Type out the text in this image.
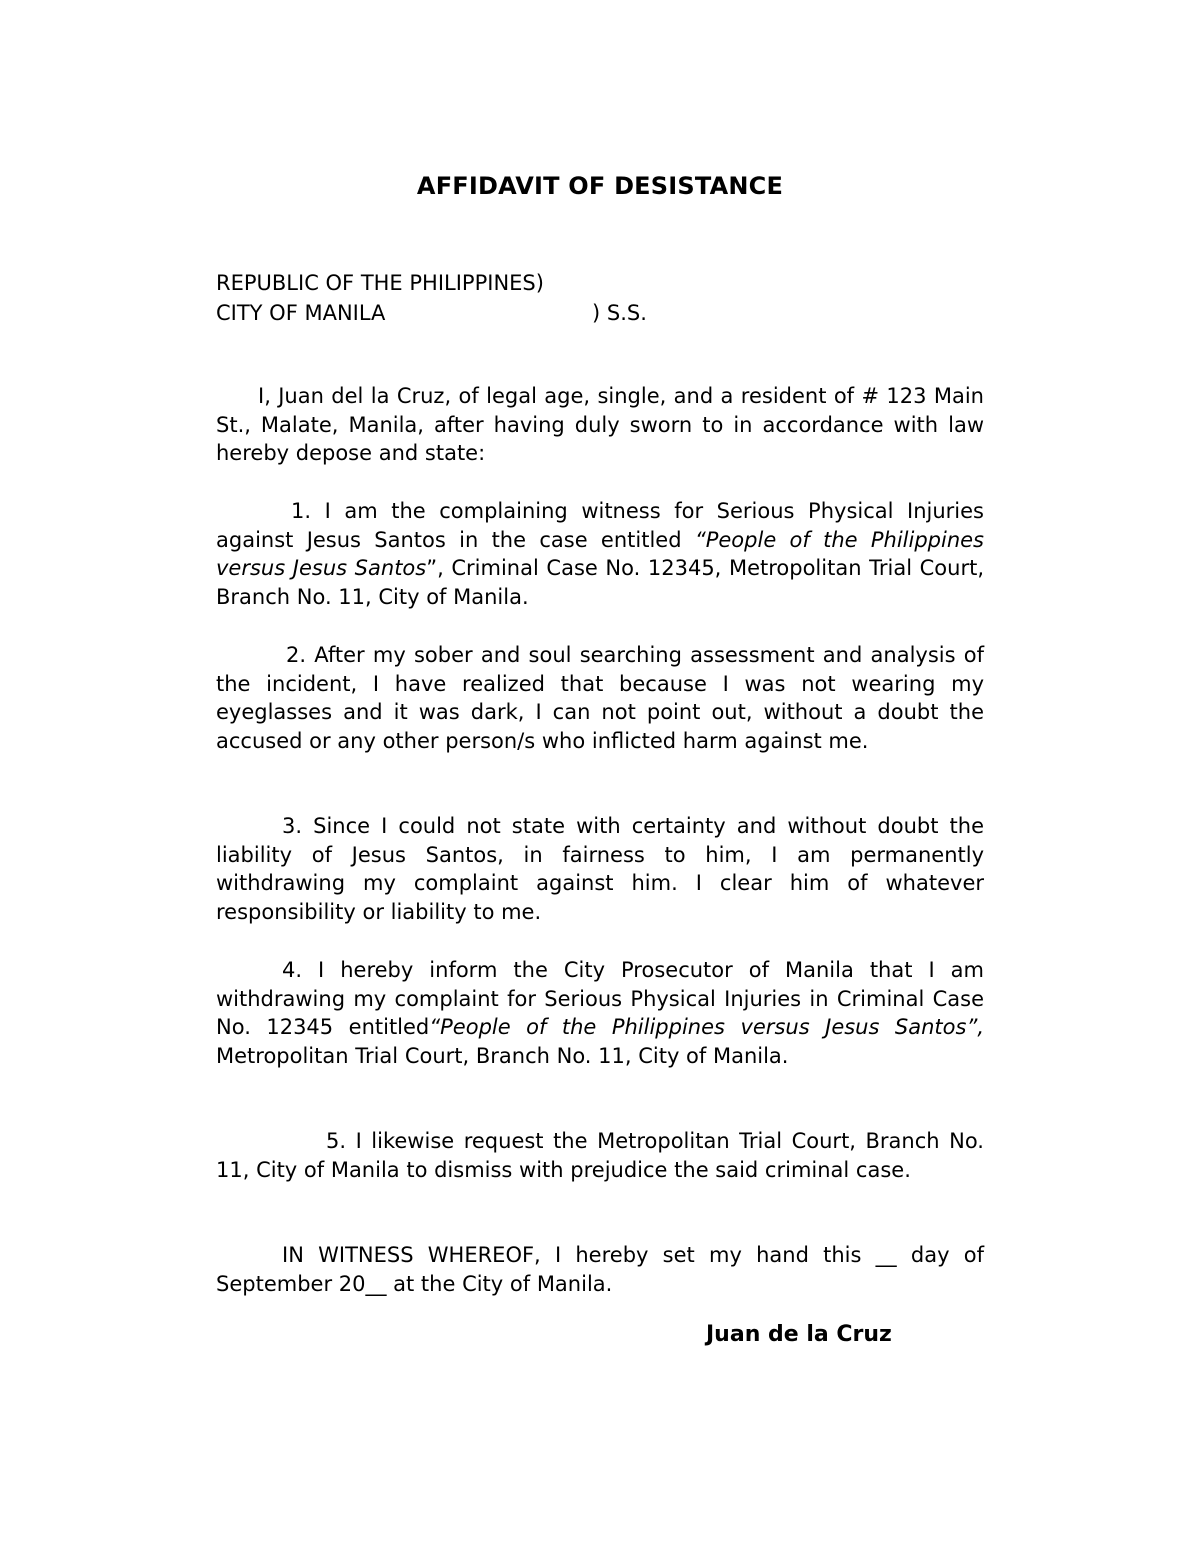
AFFIDAVIT OF DESISTANCE
REPUBLIC OF THE PHILIPPINES)
CITY OF MANILA	) S.S.

I, Juan del la Cruz, of legal age, single, and a resident of # 123 Main St., Malate, Manila, after having duly sworn to in accordance with law hereby depose and state:

1. I am the complaining witness for Serious Physical Injuries against Jesus Santos in the case entitled “People of the Philippines versus Jesus Santos”, Criminal Case No. 12345, Metropolitan Trial Court, Branch No. 11, City of Manila.

2. After my sober and soul searching assessment and analysis of the incident, I have realized that because I was not wearing my eyeglasses and it was dark, I can not point out, without a doubt the accused or any other person/s who inflicted harm against me.

3. Since I could not state with certainty and without doubt the liability of Jesus Santos, in fairness to him, I am permanently withdrawing my complaint against him. I clear him of whatever responsibility or liability to me.

4. I hereby inform the City Prosecutor of Manila that I am withdrawing my complaint for Serious Physical Injuries in Criminal Case No. 12345 entitled“People of the Philippines versus Jesus Santos”, Metropolitan Trial Court, Branch No. 11, City of Manila.

5. I likewise request the Metropolitan Trial Court, Branch No. 11, City of Manila to dismiss with prejudice the said criminal case.

IN WITNESS WHEREOF, I hereby set my hand this __ day of September 20__ at the City of Manila.

Juan de la Cruz
